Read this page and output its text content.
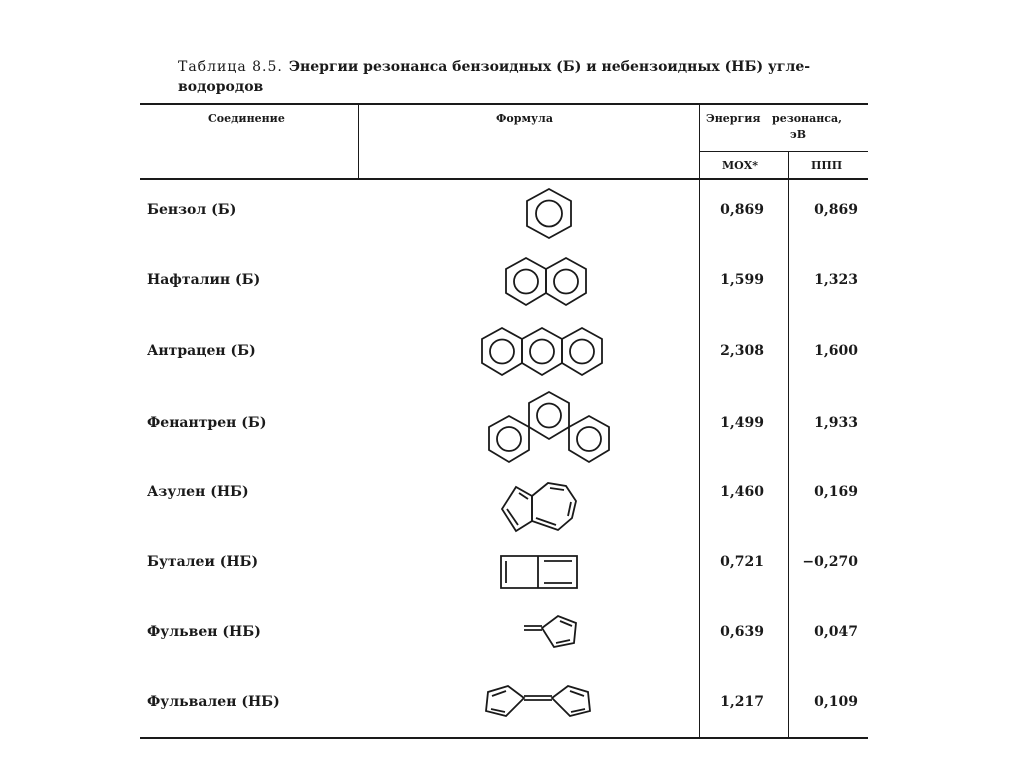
Таблица 8.5. Энергии резонанса бензоидных (Б) и небензоидных (НБ) угле-водородов
Соединение	Формула	Энергия   резонанса,
эВ
МОХ*	ППП
Бензол (Б)	0,869	0,869
Нафталин (Б)	1,599	1,323
Антрацен (Б)	2,308	1,600
Фенантрен (Б)	1,499	1,933
Азулен (НБ)	1,460	0,169
Буталеи (НБ)	0,721	−0,270
Фульвен (НБ)	0,639	0,047
Фульвален (НБ)	1,217	0,109
